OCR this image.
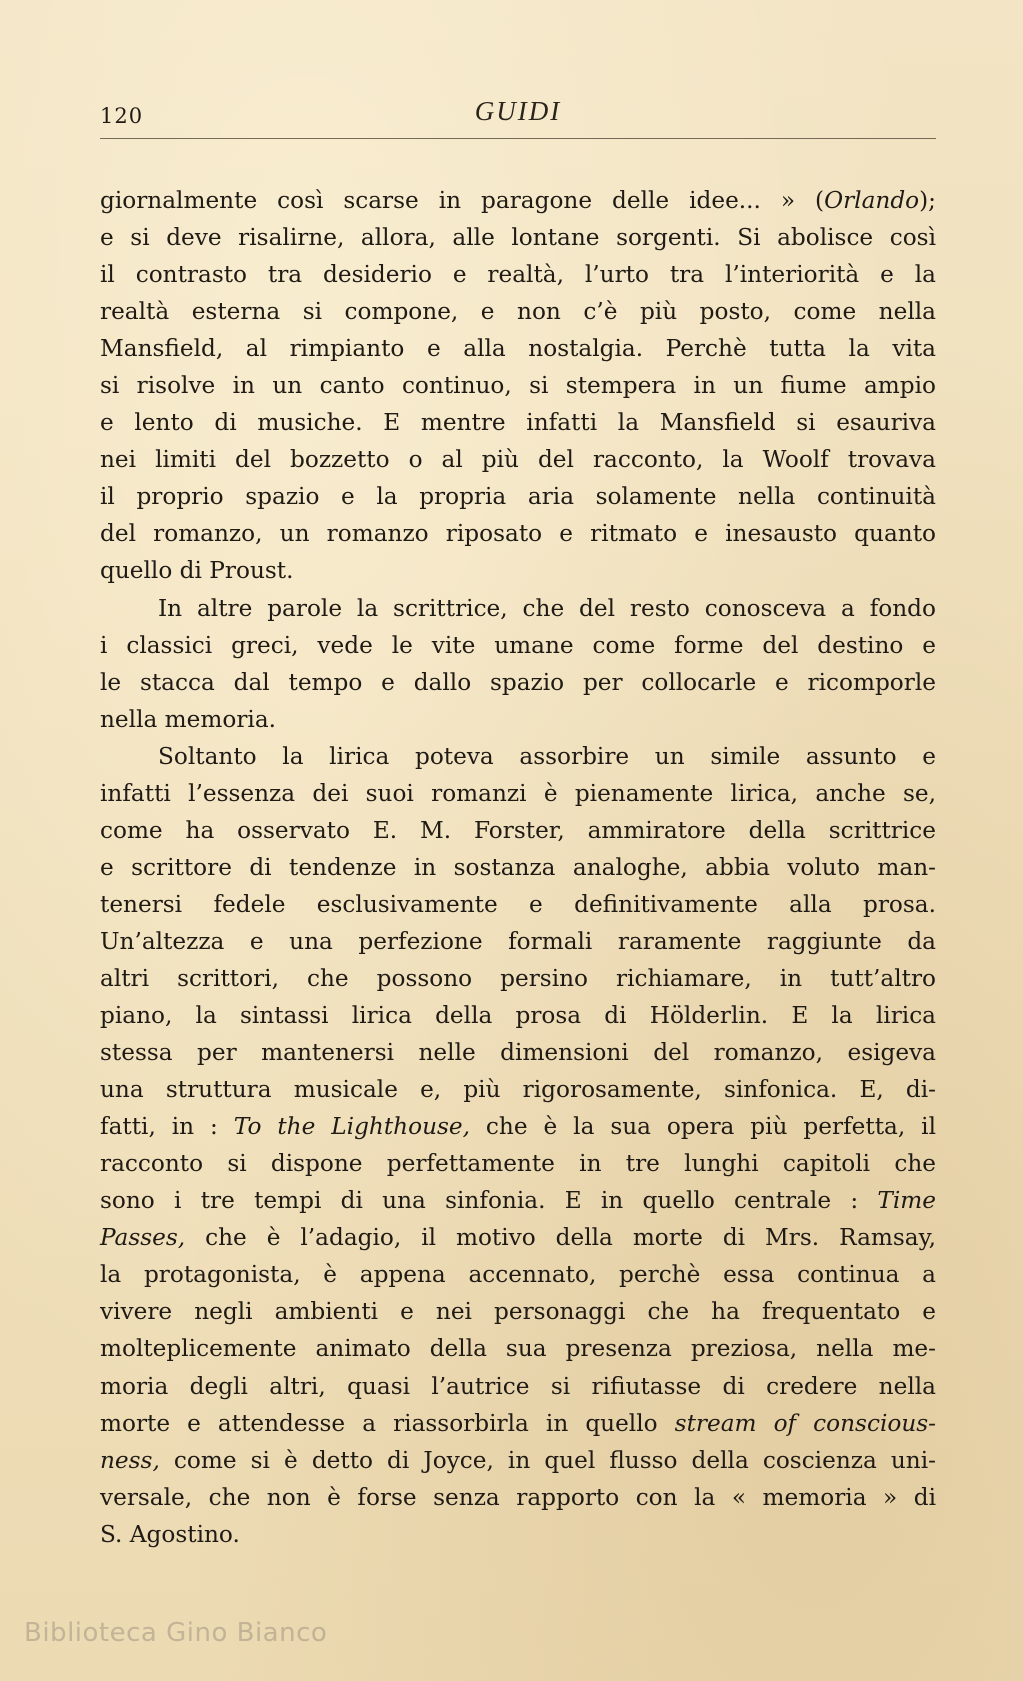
120	GUIDI
giornalmente così scarse in paragone delle idee... » (Orlando);
e si deve risalirne, allora, alle lontane sorgenti. Si abolisce così
il contrasto tra desiderio e realtà, l’urto tra l’interiorità e la
realtà esterna si compone, e non c’è più posto, come nella
Mansfield, al rimpianto e alla nostalgia. Perchè tutta la vita
si risolve in un canto continuo, si stempera in un fiume ampio
e lento di musiche. E mentre infatti la Mansfield si esauriva
nei limiti del bozzetto o al più del racconto, la Woolf trovava
il proprio spazio e la propria aria solamente nella continuità
del romanzo, un romanzo riposato e ritmato e inesausto quanto
quello di Proust.
In altre parole la scrittrice, che del resto conosceva a fondo
i classici greci, vede le vite umane come forme del destino e
le stacca dal tempo e dallo spazio per collocarle e ricomporle
nella memoria.
Soltanto la lirica poteva assorbire un simile assunto e
infatti l’essenza dei suoi romanzi è pienamente lirica, anche se,
come ha osservato E. M. Forster, ammiratore della scrittrice
e scrittore di tendenze in sostanza analoghe, abbia voluto man-
tenersi fedele esclusivamente e definitivamente alla prosa.
Un’altezza e una perfezione formali raramente raggiunte da
altri scrittori, che possono persino richiamare, in tutt’altro
piano, la sintassi lirica della prosa di Hölderlin. E la lirica
stessa per mantenersi nelle dimensioni del romanzo, esigeva
una struttura musicale e, più rigorosamente, sinfonica. E, di-
fatti, in : To the Lighthouse, che è la sua opera più perfetta, il
racconto si dispone perfettamente in tre lunghi capitoli che
sono i tre tempi di una sinfonia. E in quello centrale : Time
Passes, che è l’adagio, il motivo della morte di Mrs. Ramsay,
la protagonista, è appena accennato, perchè essa continua a
vivere negli ambienti e nei personaggi che ha frequentato e
molteplicemente animato della sua presenza preziosa, nella me-
moria degli altri, quasi l’autrice si rifiutasse di credere nella
morte e attendesse a riassorbirla in quello stream of conscious-
ness, come si è detto di Joyce, in quel flusso della coscienza uni-
versale, che non è forse senza rapporto con la « memoria » di
S. Agostino.
Biblioteca Gino Bianco
